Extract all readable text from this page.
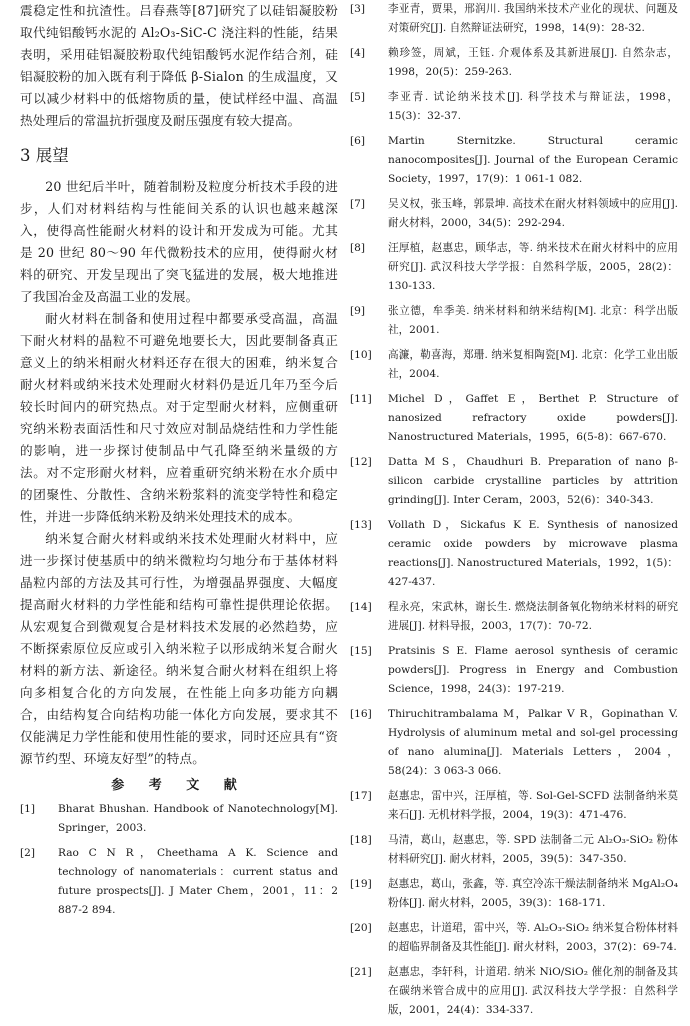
震稳定性和抗渣性。吕春燕等[87]研究了以硅铝凝胶粉取代纯铝酸钙水泥的 Al₂O₃-SiC-C 浇注料的性能，结果表明，采用硅铝凝胶粉取代纯铝酸钙水泥作结合剂，硅铝凝胶粉的加入既有利于降低 β-Sialon 的生成温度，又可以减少材料中的低熔物质的量，使试样经中温、高温热处理后的常温抗折强度及耐压强度有较大提高。

3 展望

20 世纪后半叶，随着制粉及粒度分析技术手段的进步，人们对材料结构与性能间关系的认识也越来越深入，使得高性能耐火材料的设计和开发成为可能。尤其是 20 世纪 80～90 年代微粉技术的应用，使得耐火材料的研究、开发呈现出了突飞猛进的发展，极大地推进了我国冶金及高温工业的发展。

耐火材料在制备和使用过程中都要承受高温，高温下耐火材料的晶粒不可避免地要长大，因此要制备真正意义上的纳米相耐火材料还存在很大的困难，纳米复合耐火材料或纳米技术处理耐火材料仍是近几年乃至今后较长时间内的研究热点。对于定型耐火材料，应侧重研究纳米粉表面活性和尺寸效应对制品烧结性和力学性能的影响，进一步探讨使制品中气孔降至纳米量级的方法。对不定形耐火材料，应着重研究纳米粉在水介质中的团聚性、分散性、含纳米粉浆料的流变学特性和稳定性，并进一步降低纳米粉及纳米处理技术的成本。

纳米复合耐火材料或纳米技术处理耐火材料中，应进一步探讨使基质中的纳米微粒均匀地分布于基体材料晶粒内部的方法及其可行性，为增强晶界强度、大幅度提高耐火材料的力学性能和结构可靠性提供理论依据。从宏观复合到微观复合是材料技术发展的必然趋势，应不断探索原位反应或引入纳米粒子以形成纳米复合耐火材料的新方法、新途径。纳米复合耐火材料在组织上将向多相复合化的方向发展，在性能上向多功能方向耦合，由结构复合向结构功能一体化方向发展，要求其不仅能满足力学性能和使用性能的要求，同时还应具有“资源节约型、环境友好型”的特点。

参 考 文 献
[1]	Bharat Bhushan. Handbook of Nanotechnology[M]. Springer，2003.
[2]	Rao C N R，Cheethama A K. Science and technology of nanomaterials：current status and future prospects[J]. J Mater Chem，2001，11：2 887-2 894.
[3]	李亚青，贾果，邢润川. 我国纳米技术产业化的现状、问题及对策研究[J]. 自然辩证法研究，1998，14(9)：28-32.
[4]	赖珍签，周斌，王钰. 介观体系及其新进展[J]. 自然杂志，1998，20(5)：259-263.
[5]	李亚青. 试论纳米技术[J]. 科学技术与辩证法，1998，15(3)：32-37.
[6]	Martin Sternitzke. Structural ceramic nanocomposites[J]. Journal of the European Ceramic Society，1997，17(9)：1 061-1 082.
[7]	吴义权，张玉峰，郭景坤. 高技术在耐火材料领域中的应用[J]. 耐火材料，2000，34(5)：292-294.
[8]	汪厚植，赵惠忠，顾华志，等. 纳米技术在耐火材料中的应用研究[J]. 武汉科技大学学报：自然科学版，2005，28(2)：130-133.
[9]	张立德，牟季美. 纳米材料和纳米结构[M]. 北京：科学出版社，2001.
[10]	高濂，勒喜海，郑珊. 纳米复相陶瓷[M]. 北京：化学工业出版社，2004.
[11]	Michel D，Gaffet E，Berthet P. Structure of nanosized refractory oxide powders[J]. Nanostructured Materials，1995，6(5-8)：667-670.
[12]	Datta M S，Chaudhuri B. Preparation of nano β-silicon carbide crystalline particles by attrition grinding[J]. Inter Ceram，2003，52(6)：340-343.
[13]	Vollath D，Sickafus K E. Synthesis of nanosized ceramic oxide powders by microwave plasma reactions[J]. Nanostructured Materials，1992，1(5)：427-437.
[14]	程永亮，宋武林，谢长生. 燃烧法制备氧化物纳米材料的研究进展[J]. 材料导报，2003，17(7)：70-72.
[15]	Pratsinis S E. Flame aerosol synthesis of ceramic powders[J]. Progress in Energy and Combustion Science，1998，24(3)：197-219.
[16]	Thiruchitrambalama M，Palkar V R，Gopinathan V. Hydrolysis of aluminum metal and sol-gel processing of nano alumina[J]. Materials Letters，2004，58(24)：3 063-3 066.
[17]	赵惠忠，雷中兴，汪厚植，等. Sol-Gel-SCFD 法制备纳米莫来石[J]. 无机材料学报，2004，19(3)：471-476.
[18]	马清，葛山，赵惠忠，等. SPD 法制备二元 Al₂O₃-SiO₂ 粉体材料研究[J]. 耐火材料，2005，39(5)：347-350.
[19]	赵惠忠，葛山，张鑫，等. 真空冷冻干燥法制备纳米 MgAl₂O₄ 粉体[J]. 耐火材料，2005，39(3)：168-171.
[20]	赵惠忠，计道珺，雷中兴，等. Al₂O₃-SiO₂ 纳米复合粉体材料的超临界制备及其性能[J]. 耐火材料，2003，37(2)：69-74.
[21]	赵惠忠，李轩科，计道珺. 纳米 NiO/SiO₂ 催化剂的制备及其在碳纳米管合成中的应用[J]. 武汉科技大学学报：自然科学版，2001，24(4)：334-337.
